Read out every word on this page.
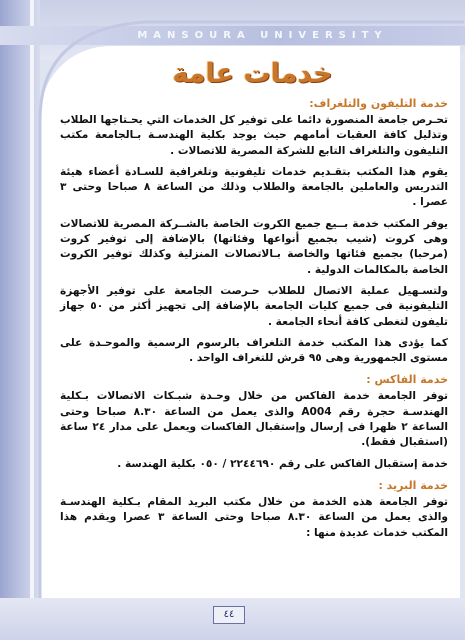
MANSOURA UNIVERSITY
خدمات عامة
خدمة التليفون والتلغراف:

تحـرص جامعة المنصورة دائما على توفير كل الخدمات التي يحـتاجها الطلاب وتذليل كافة العقبات أمامهم حيث يوجد بكلية الهندسـة بـالجامعة مكتب التليفون والتلغراف التابع للشركة المصرية للاتصالات .

يقوم هذا المكتب بتقـديم خدمات تليفونية وتلغرافية للسـادة أعضاء هيئة التدريس والعاملين بالجامعة والطلاب وذلك من الساعة ٨ صباحا وحتى ٣ عصرا .

يوفر المكتب خدمة بــيع جميع الكروت الخاصة بالشــركة المصرية للاتصالات وهى كروت (شيب بجميع أنواعها وفئاتها) بالإضافة إلى توفير كروت (مرحبا) بجميع فئاتها والخاصة بـالاتصالات المنزلية وكذلك توفير الكروت الخاصة بالمكالمات الدولية .

ولتسـهيل عملية الاتصال للطلاب حـرصت الجامعة على توفير الأجهزة التليفونية فى جميع كليات الجامعة بالإضافة إلى تجهيز أكثر من ٥٠ جهاز تليفون لتغطى كافة أنحاء الجامعة .

كما يؤدى هذا المكتب خدمة التلغراف بالرسوم الرسمية والموحـدة على مستوى الجمهورية وهى ٩٥ قرش للتغراف الواحد .

خدمة الفاكس :

توفر الجامعة خدمة الفاكس من خلال وحـدة شبـكات الاتصالات بـكلية الهندسـة حجرة رقم A004 والذى يعمل من الساعة ٨.٣٠ صباحا وحتى الساعة ٢ ظهرا فى إرسال وإستقبال الفاكسات ويعمل على مدار ٢٤ ساعة (استقبال فقط).

خدمة إستقبال الفاكس على رقم ٢٢٤٤٦٩٠ / ٠٥٠ بكلية الهندسة .

خدمة البريد :

توفر الجامعة هذه الخدمة من خلال مكتب البريد المقام بـكلية الهندسـة والذى يعمل من الساعة ٨.٣٠ صباحا وحتى الساعة ٣ عصرا ويقدم هذا المكتب خدمات عديدة منها :

٤٤
